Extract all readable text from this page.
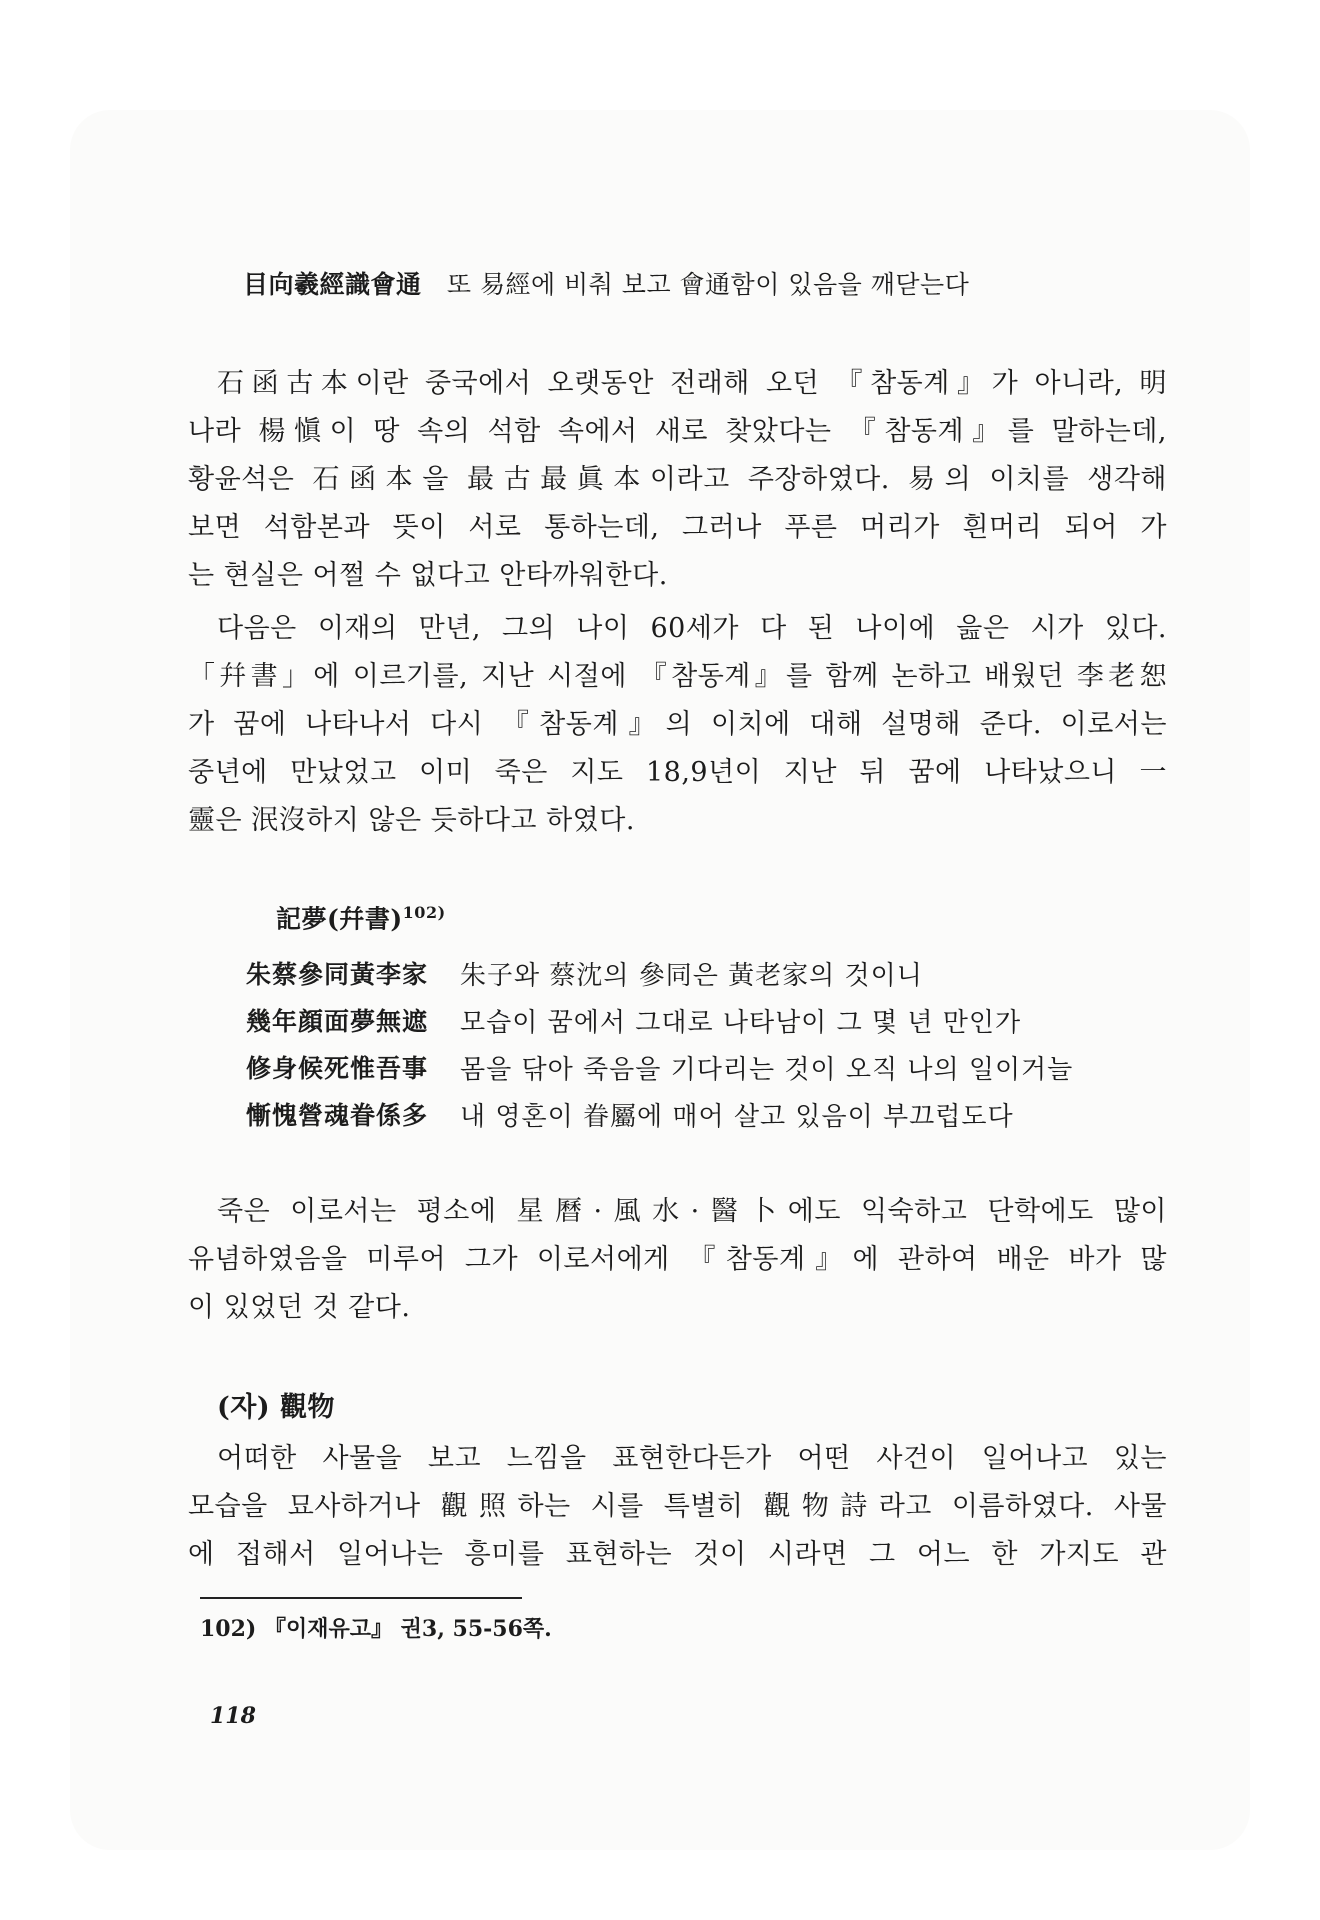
目向羲經識會通 또 易經에 비춰 보고 會通함이 있음을 깨닫는다
石函古本이란 중국에서 오랫동안 전래해 오던 『참동계』가 아니라, 明
나라 楊愼이 땅 속의 석함 속에서 새로 찾았다는 『참동계』를 말하는데,
황윤석은 石函本을 最古最眞本이라고 주장하였다. 易의 이치를 생각해
보면 석함본과 뜻이 서로 통하는데, 그러나 푸른 머리가 흰머리 되어 가
는 현실은 어쩔 수 없다고 안타까워한다.
다음은 이재의 만년, 그의 나이 60세가 다 된 나이에 읊은 시가 있다.
「幷書」에 이르기를, 지난 시절에 『참동계』를 함께 논하고 배웠던 李老恕
가 꿈에 나타나서 다시 『참동계』의 이치에 대해 설명해 준다. 이로서는
중년에 만났었고 이미 죽은 지도 18,9년이 지난 뒤 꿈에 나타났으니 一
靈은 泯沒하지 않은 듯하다고 하였다.
記夢(幷書)$^{102)}$
朱蔡參同黃李家 朱子와 蔡沈의 參同은 黃老家의 것이니
幾年顔面夢無遮 모습이 꿈에서 그대로 나타남이 그 몇 년 만인가
修身候死惟吾事 몸을 닦아 죽음을 기다리는 것이 오직 나의 일이거늘
慚愧營魂眷係多 내 영혼이 眷屬에 매어 살고 있음이 부끄럽도다
죽은 이로서는 평소에 星曆·風水·醫卜에도 익숙하고 단학에도 많이
유념하였음을 미루어 그가 이로서에게 『참동계』에 관하여 배운 바가 많
이 있었던 것 같다.
(자) 觀物
어떠한 사물을 보고 느낌을 표현한다든가 어떤 사건이 일어나고 있는
모습을 묘사하거나 觀照하는 시를 특별히 觀物詩라고 이름하였다. 사물
에 접해서 일어나는 흥미를 표현하는 것이 시라면 그 어느 한 가지도 관
102) 『이재유고』 권3, 55-56쪽.
118
